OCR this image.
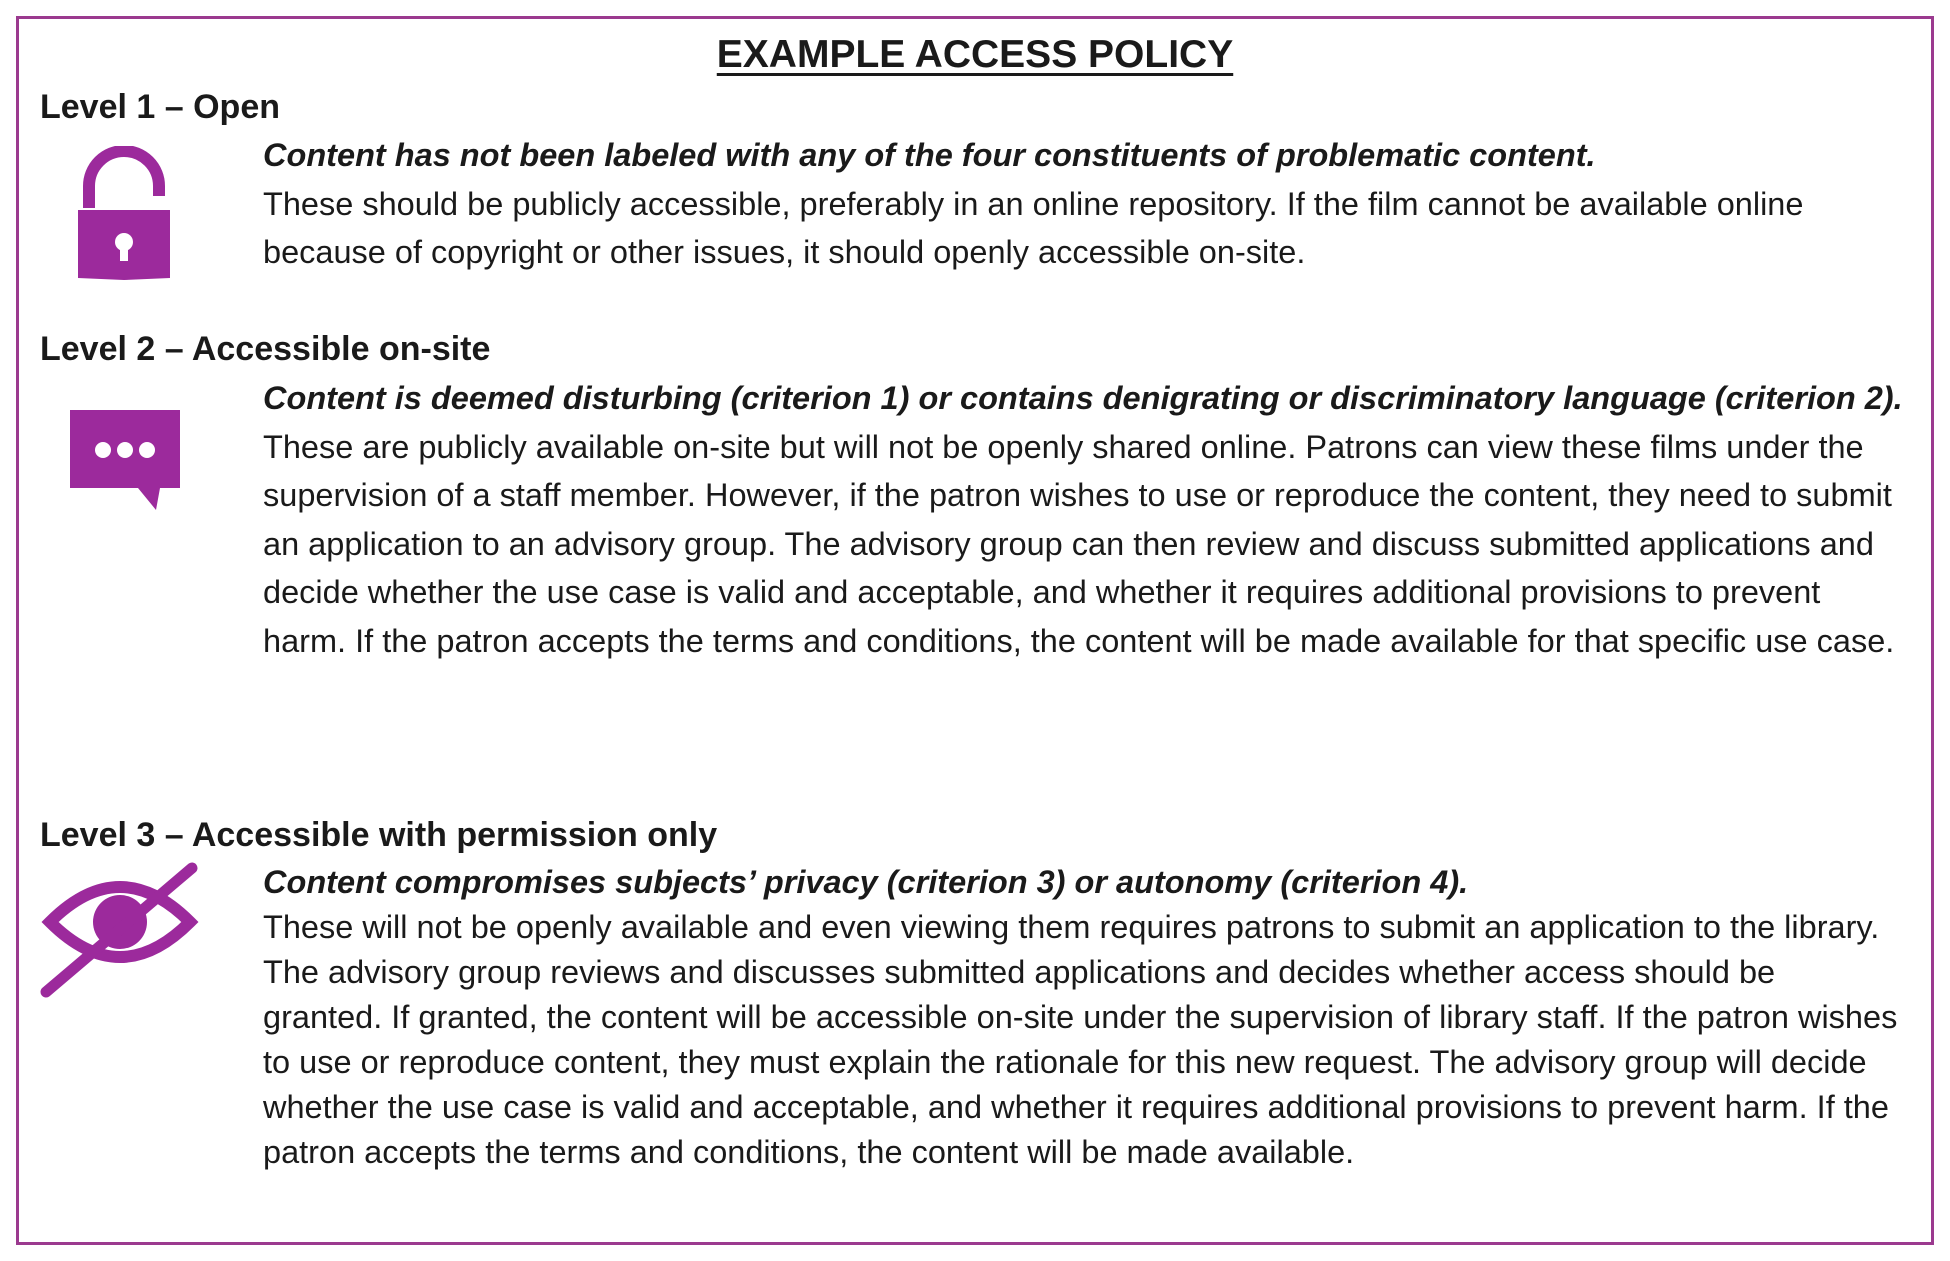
EXAMPLE ACCESS POLICY
Level 1 – Open
Content has not been labeled with any of the four constituents of problematic content.
These should be publicly accessible, preferably in an online repository. If the film cannot be available online because of copyright or other issues, it should openly accessible on-site.
Level 2 – Accessible on-site
Content is deemed disturbing (criterion 1) or contains denigrating or discriminatory language (criterion 2).
These are publicly available on-site but will not be openly shared online. Patrons can view these films under the supervision of a staff member. However, if the patron wishes to use or reproduce the content, they need to submit an application to an advisory group. The advisory group can then review and discuss submitted applications and decide whether the use case is valid and acceptable, and whether it requires additional provisions to prevent harm. If the patron accepts the terms and conditions, the content will be made available for that specific use case.
Level 3 – Accessible with permission only
Content compromises subjects’ privacy (criterion 3) or autonomy (criterion 4).
These will not be openly available and even viewing them requires patrons to submit an application to the library. The advisory group reviews and discusses submitted applications and decides whether access should be granted. If granted, the content will be accessible on-site under the supervision of library staff. If the patron wishes to use or reproduce content, they must explain the rationale for this new request. The advisory group will decide whether the use case is valid and acceptable, and whether it requires additional provisions to prevent harm. If the patron accepts the terms and conditions, the content will be made available.
